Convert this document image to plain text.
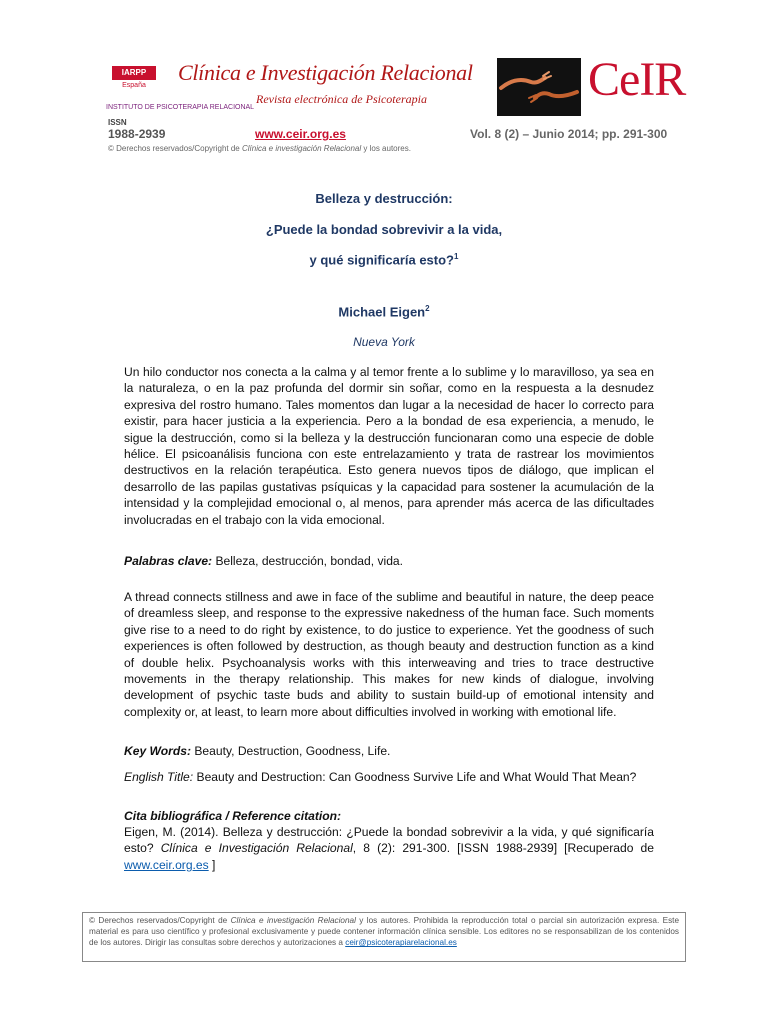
IARPP
España
Clínica e Investigación Relacional
Revista electrónica de Psicoterapia
INSTITUTO DE PSICOTERAPIA RELACIONAL
CeIR
ISSN
1988-2939	www.ceir.org.es	Vol. 8 (2) – Junio 2014; pp. 291-300
© Derechos reservados/Copyright de Clínica e investigación Relacional y los autores.
Belleza y destrucción:
¿Puede la bondad sobrevivir a la vida,
y qué significaría esto?$^1$
Michael Eigen$^2$
Nueva York
Un hilo conductor nos conecta a la calma y al temor frente a lo sublime y lo maravilloso, ya sea en la naturaleza, o en la paz profunda del dormir sin soñar, como en la respuesta a la desnudez expresiva del rostro humano. Tales momentos dan lugar a la necesidad de hacer lo correcto para existir, para hacer justicia a la experiencia. Pero a la bondad de esa experiencia, a menudo, le sigue la destrucción, como si la belleza y la destrucción funcionaran como una especie de doble hélice. El psicoanálisis funciona con este entrelazamiento y trata de rastrear los movimientos destructivos en la relación terapéutica. Esto genera nuevos tipos de diálogo, que implican el desarrollo de las papilas gustativas psíquicas y la capacidad para sostener la acumulación de la intensidad y la complejidad emocional o, al menos, para aprender más acerca de las dificultades involucradas en el trabajo con la vida emocional.
Palabras clave: Belleza, destrucción, bondad, vida.
A thread connects stillness and awe in face of the sublime and beautiful in nature, the deep peace of dreamless sleep, and response to the expressive nakedness of the human face. Such moments give rise to a need to do right by existence, to do justice to experience. Yet the goodness of such experiences is often followed by destruction, as though beauty and destruction function as a kind of double helix. Psychoanalysis works with this interweaving and tries to trace destructive movements in the therapy relationship. This makes for new kinds of dialogue, involving development of psychic taste buds and ability to sustain build-up of emotional intensity and complexity or, at least, to learn more about difficulties involved in working with emotional life.
Key Words: Beauty, Destruction, Goodness, Life.
English Title: Beauty and Destruction: Can Goodness Survive Life and What Would That Mean?
Cita bibliográfica / Reference citation:
Eigen, M. (2014). Belleza y destrucción: ¿Puede la bondad sobrevivir a la vida, y qué significaría esto? Clínica e Investigación Relacional, 8 (2): 291-300. [ISSN 1988-2939] [Recuperado de www.ceir.org.es ]
© Derechos reservados/Copyright de Clínica e investigación Relacional y los autores. Prohibida la reproducción total o parcial sin autorización expresa. Este material es para uso científico y profesional exclusivamente y puede contener información clínica sensible. Los editores no se responsabilizan de los contenidos de los autores. Dirigir las consultas sobre derechos y autorizaciones a ceir@psicoterapiarelacional.es
